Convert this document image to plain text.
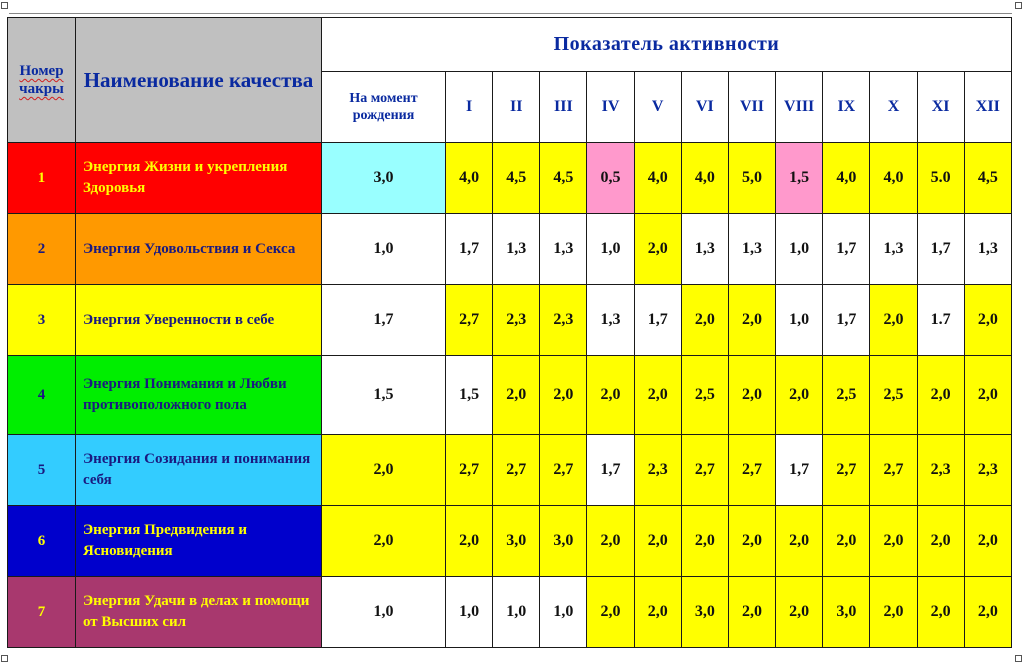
Номер чакры	Наименование качества	Показатель активности												
		На момент рождения	I	II	III	IV	V	VI	VII	VIII	IX	X	XI	XII
1	Энергия Жизни и укрепления Здоровья	3,0	4,0	4,5	4,5	0,5	4,0	4,0	5,0	1,5	4,0	4,0	5.0	4,5
2	Энергия Удовольствия и Секса	1,0	1,7	1,3	1,3	1,0	2,0	1,3	1,3	1,0	1,7	1,3	1,7	1,3
3	Энергия Уверенности в себе	1,7	2,7	2,3	2,3	1,3	1,7	2,0	2,0	1,0	1,7	2,0	1.7	2,0
4	Энергия Понимания и Любви противоположного пола	1,5	1,5	2,0	2,0	2,0	2,0	2,5	2,0	2,0	2,5	2,5	2,0	2,0
5	Энергия Созидания и понимания себя	2,0	2,7	2,7	2,7	1,7	2,3	2,7	2,7	1,7	2,7	2,7	2,3	2,3
6	Энергия Предвидения и Ясновидения	2,0	2,0	3,0	3,0	2,0	2,0	2,0	2,0	2,0	2,0	2,0	2,0	2,0
7	Энергия Удачи в делах и помощи от Высших сил	1,0	1,0	1,0	1,0	2,0	2,0	3,0	2,0	2,0	3,0	2,0	2,0	2,0
